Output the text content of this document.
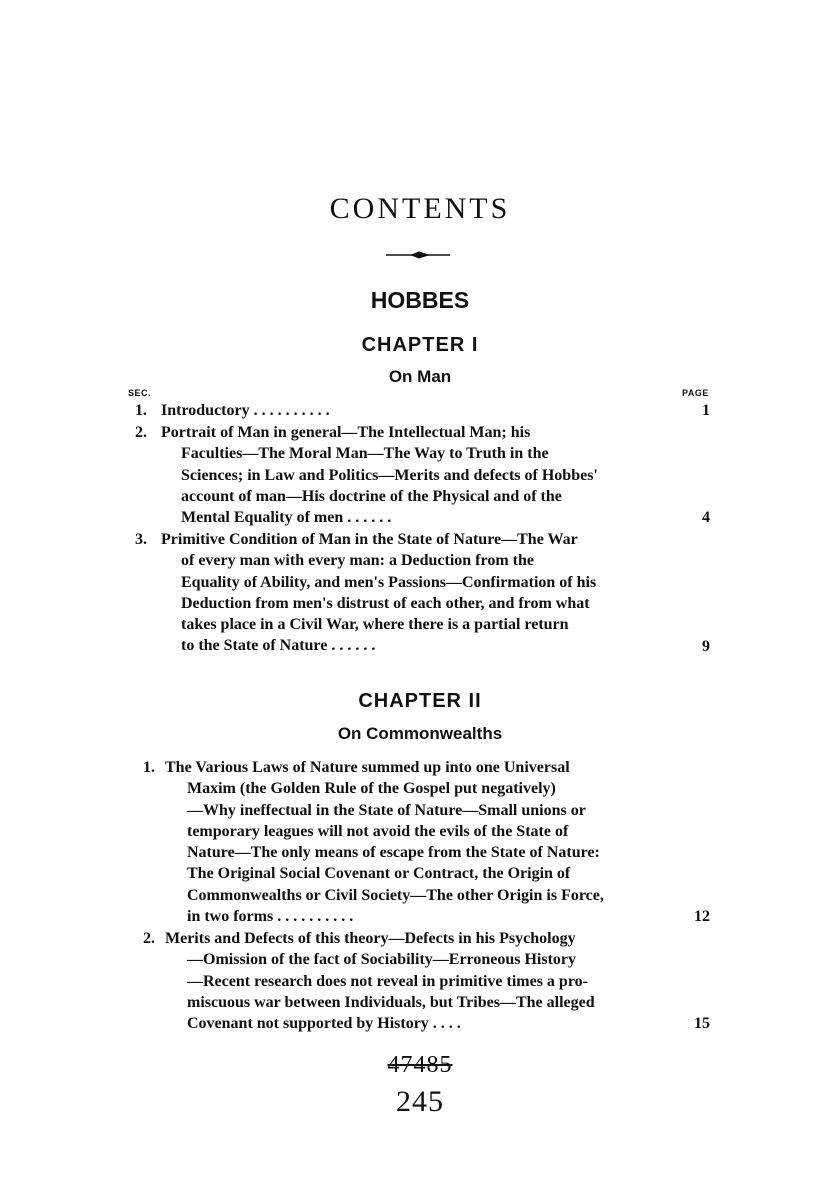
CONTENTS
HOBBES
CHAPTER I
On Man
SEC.	PAGE
1. Introductory . . . . . . . . . .	1
2. Portrait of Man in general—The Intellectual Man; his
Faculties—The Moral Man—The Way to Truth in the
Sciences; in Law and Politics—Merits and defects of Hobbes'
account of man—His doctrine of the Physical and of the
Mental Equality of men . . . . . .	4
3. Primitive Condition of Man in the State of Nature—The War
of every man with every man: a Deduction from the
Equality of Ability, and men's Passions—Confirmation of his
Deduction from men's distrust of each other, and from what
takes place in a Civil War, where there is a partial return
to the State of Nature . . . . . .	9
CHAPTER II
On Commonwealths
1. The Various Laws of Nature summed up into one Universal
Maxim (the Golden Rule of the Gospel put negatively)
—Why ineffectual in the State of Nature—Small unions or
temporary leagues will not avoid the evils of the State of
Nature—The only means of escape from the State of Nature:
The Original Social Covenant or Contract, the Origin of
Commonwealths or Civil Society—The other Origin is Force,
in two forms . . . . . . . . . .	12
2. Merits and Defects of this theory—Defects in his Psychology
—Omission of the fact of Sociability—Erroneous History
—Recent research does not reveal in primitive times a pro-
miscuous war between Individuals, but Tribes—The alleged
Covenant not supported by History . . . .	15
47485
245
